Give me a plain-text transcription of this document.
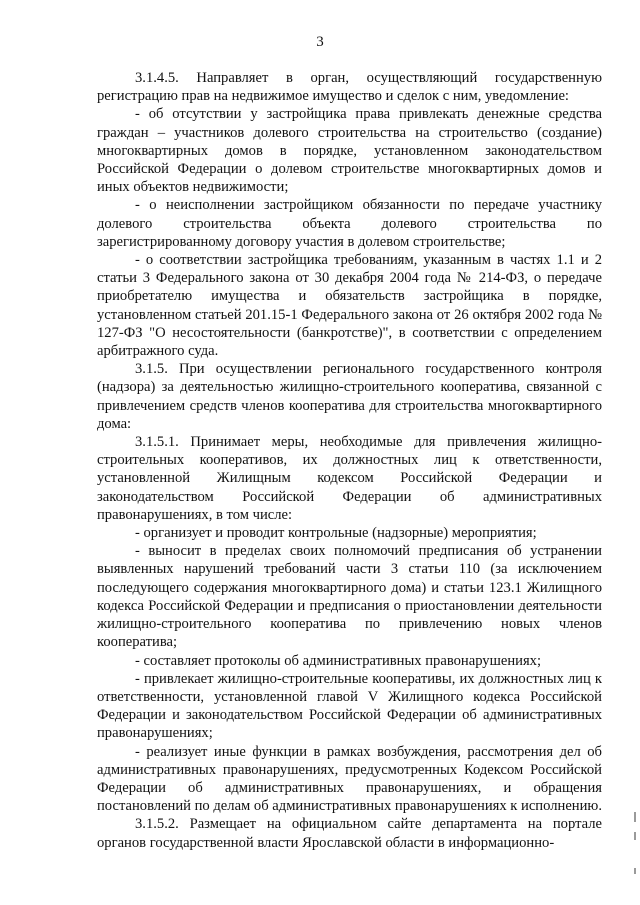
3

3.1.4.5. Направляет в орган, осуществляющий государственную регистрацию прав на недвижимое имущество и сделок с ним, уведомление:

- об отсутствии у застройщика права привлекать денежные средства граждан – участников долевого строительства на строительство (создание) многоквартирных домов в порядке, установленном законодательством Российской Федерации о долевом строительстве многоквартирных домов и иных объектов недвижимости;

- о неисполнении застройщиком обязанности по передаче участнику долевого строительства объекта долевого строительства по зарегистрированному договору участия в долевом строительстве;

- о соответствии застройщика требованиям, указанным в частях 1.1 и 2 статьи 3 Федерального закона от 30 декабря 2004 года № 214-ФЗ, о передаче приобретателю имущества и обязательств застройщика в порядке, установленном статьей 201.15-1 Федерального закона от 26 октября 2002 года № 127-ФЗ "О несостоятельности (банкротстве)", в соответствии с определением арбитражного суда.

3.1.5. При осуществлении регионального государственного контроля (надзора) за деятельностью жилищно-строительного кооператива, связанной с привлечением средств членов кооператива для строительства многоквартирного дома:

3.1.5.1. Принимает меры, необходимые для привлечения жилищно-строительных кооперативов, их должностных лиц к ответственности, установленной Жилищным кодексом Российской Федерации и законодательством Российской Федерации об административных правонарушениях, в том числе:

- организует и проводит контрольные (надзорные) мероприятия;

- выносит в пределах своих полномочий предписания об устранении выявленных нарушений требований части 3 статьи 110 (за исключением последующего содержания многоквартирного дома) и статьи 123.1 Жилищного кодекса Российской Федерации и предписания о приостановлении деятельности жилищно-строительного кооператива по привлечению новых членов кооператива;

- составляет протоколы об административных правонарушениях;

- привлекает жилищно-строительные кооперативы, их должностных лиц к ответственности, установленной главой V Жилищного кодекса Российской Федерации и законодательством Российской Федерации об административных правонарушениях;

- реализует иные функции в рамках возбуждения, рассмотрения дел об административных правонарушениях, предусмотренных Кодексом Российской Федерации об административных правонарушениях, и обращения постановлений по делам об административных правонарушениях к исполнению.

3.1.5.2. Размещает на официальном сайте департамента на портале органов государственной власти Ярославской области в информационно-
